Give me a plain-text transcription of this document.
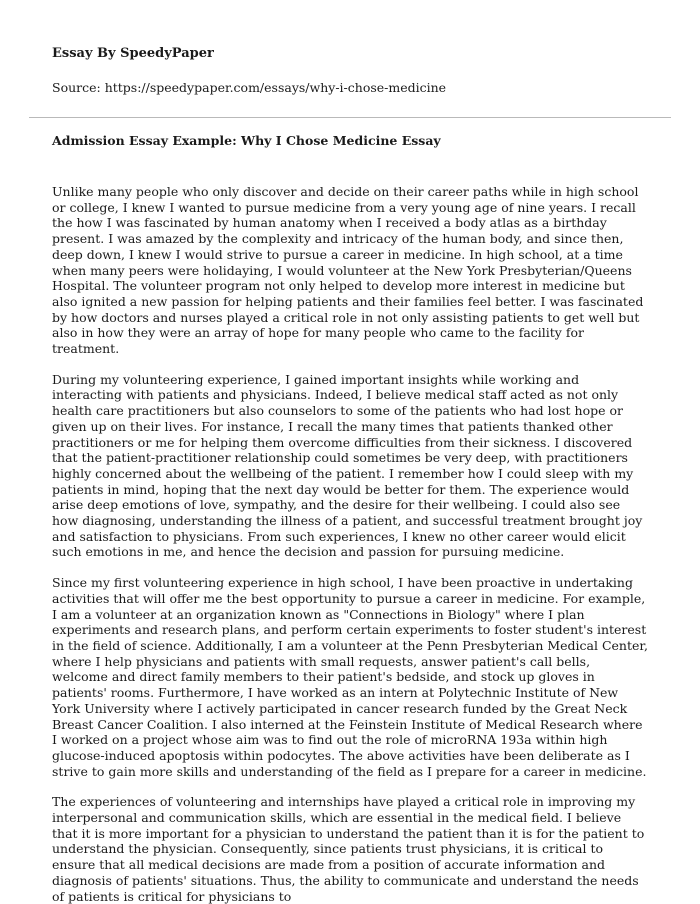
Essay By SpeedyPaper

Source: https://speedypaper.com/essays/why-i-chose-medicine

Admission Essay Example: Why I Chose Medicine Essay

Unlike many people who only discover and decide on their career paths while in high school or college, I knew I wanted to pursue medicine from a very young age of nine years. I recall the how I was fascinated by human anatomy when I received a body atlas as a birthday present. I was amazed by the complexity and intricacy of the human body, and since then, deep down, I knew I would strive to pursue a career in medicine. In high school, at a time when many peers were holidaying, I would volunteer at the New York Presbyterian/Queens Hospital. The volunteer program not only helped to develop more interest in medicine but also ignited a new passion for helping patients and their families feel better. I was fascinated by how doctors and nurses played a critical role in not only assisting patients to get well but also in how they were an array of hope for many people who came to the facility for treatment.

During my volunteering experience, I gained important insights while working and interacting with patients and physicians. Indeed, I believe medical staff acted as not only health care practitioners but also counselors to some of the patients who had lost hope or given up on their lives. For instance, I recall the many times that patients thanked other practitioners or me for helping them overcome difficulties from their sickness. I discovered that the patient-practitioner relationship could sometimes be very deep, with practitioners highly concerned about the wellbeing of the patient. I remember how I could sleep with my patients in mind, hoping that the next day would be better for them. The experience would arise deep emotions of love, sympathy, and the desire for their wellbeing. I could also see how diagnosing, understanding the illness of a patient, and successful treatment brought joy and satisfaction to physicians. From such experiences, I knew no other career would elicit such emotions in me, and hence the decision and passion for pursuing medicine.

Since my first volunteering experience in high school, I have been proactive in undertaking activities that will offer me the best opportunity to pursue a career in medicine. For example, I am a volunteer at an organization known as "Connections in Biology" where I plan experiments and research plans, and perform certain experiments to foster student's interest in the field of science. Additionally, I am a volunteer at the Penn Presbyterian Medical Center, where I help physicians and patients with small requests, answer patient's call bells, welcome and direct family members to their patient's bedside, and stock up gloves in patients' rooms. Furthermore, I have worked as an intern at Polytechnic Institute of New York University where I actively participated in cancer research funded by the Great Neck Breast Cancer Coalition. I also interned at the Feinstein Institute of Medical Research where I worked on a project whose aim was to find out the role of microRNA 193a within high glucose-induced apoptosis within podocytes. The above activities have been deliberate as I strive to gain more skills and understanding of the field as I prepare for a career in medicine.

The experiences of volunteering and internships have played a critical role in improving my interpersonal and communication skills, which are essential in the medical field. I believe that it is more important for a physician to understand the patient than it is for the patient to understand the physician. Consequently, since patients trust physicians, it is critical to ensure that all medical decisions are made from a position of accurate information and diagnosis of patients' situations. Thus, the ability to communicate and understand the needs of patients is critical for physicians to
